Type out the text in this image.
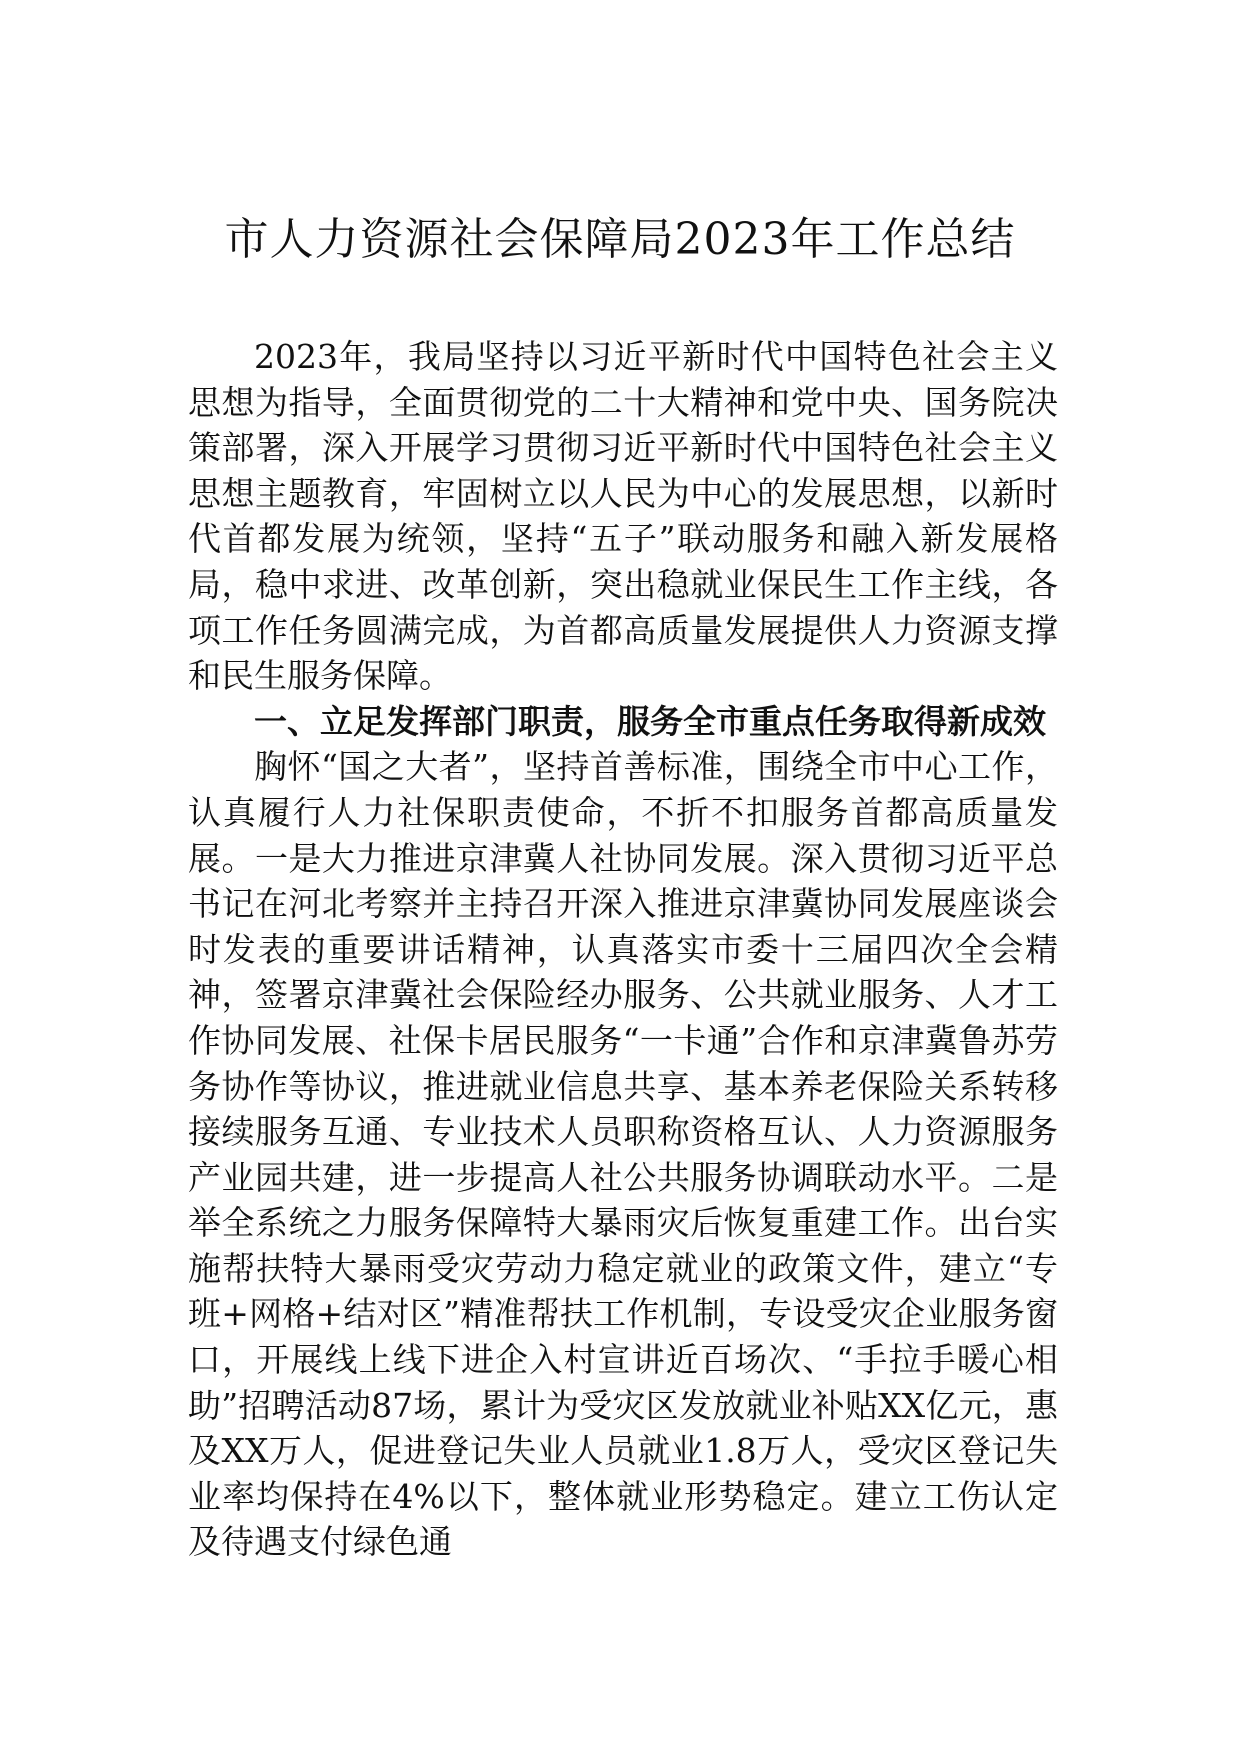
市人力资源社会保障局2023年工作总结

2023年，我局坚持以习近平新时代中国特色社会主义思想为指导，全面贯彻党的二十大精神和党中央、国务院决策部署，深入开展学习贯彻习近平新时代中国特色社会主义思想主题教育，牢固树立以人民为中心的发展思想，以新时代首都发展为统领，坚持“五子”联动服务和融入新发展格局，稳中求进、改革创新，突出稳就业保民生工作主线，各项工作任务圆满完成，为首都高质量发展提供人力资源支撑和民生服务保障。

一、立足发挥部门职责，服务全市重点任务取得新成效

胸怀“国之大者”，坚持首善标准，围绕全市中心工作，认真履行人力社保职责使命，不折不扣服务首都高质量发展。一是大力推进京津冀人社协同发展。深入贯彻习近平总书记在河北考察并主持召开深入推进京津冀协同发展座谈会时发表的重要讲话精神，认真落实市委十三届四次全会精神，签署京津冀社会保险经办服务、公共就业服务、人才工作协同发展、社保卡居民服务“一卡通”合作和京津冀鲁苏劳务协作等协议，推进就业信息共享、基本养老保险关系转移接续服务互通、专业技术人员职称资格互认、人力资源服务产业园共建，进一步提高人社公共服务协调联动水平。二是举全系统之力服务保障特大暴雨灾后恢复重建工作。出台实施帮扶特大暴雨受灾劳动力稳定就业的政策文件，建立“专班+网格+结对区”精准帮扶工作机制，专设受灾企业服务窗口，开展线上线下进企入村宣讲近百场次、“手拉手暖心相助”招聘活动87场，累计为受灾区发放就业补贴XX亿元，惠及XX万人，促进登记失业人员就业1.8万人，受灾区登记失业率均保持在4%以下，整体就业形势稳定。建立工伤认定及待遇支付绿色通
